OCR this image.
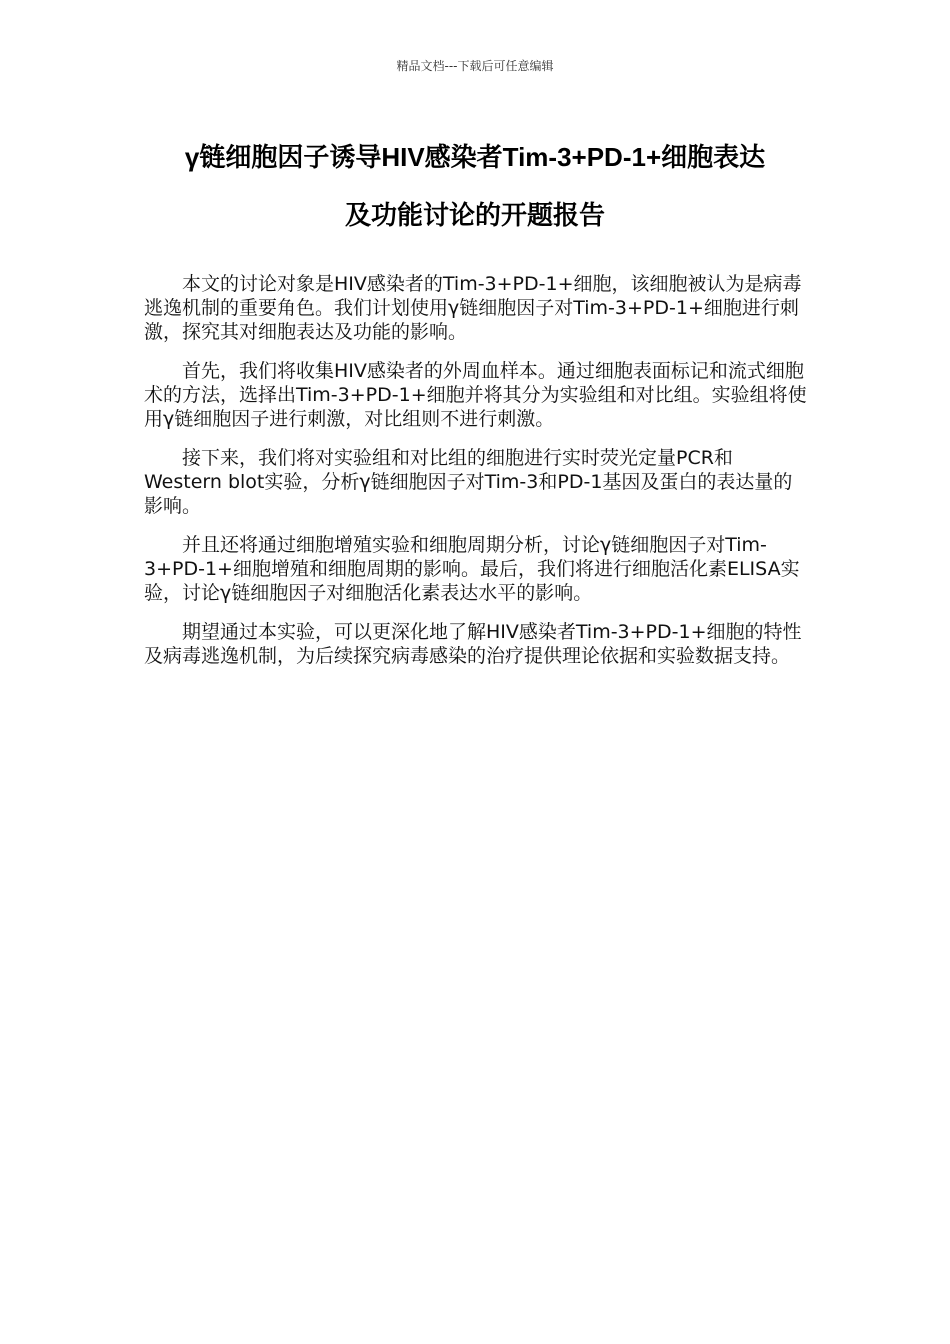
精品文档---下载后可任意编辑
γ链细胞因子诱导HIV感染者Tim-3+PD-1+细胞表达
及功能讨论的开题报告

本文的讨论对象是HIV感染者的Tim-3+PD-1+细胞，该细胞被认为是病毒逃逸机制的重要角色。我们计划使用γ链细胞因子对Tim-3+PD-1+细胞进行刺激，探究其对细胞表达及功能的影响。

首先，我们将收集HIV感染者的外周血样本。通过细胞表面标记和流式细胞术的方法，选择出Tim-3+PD-1+细胞并将其分为实验组和对比组。实验组将使用γ链细胞因子进行刺激，对比组则不进行刺激。

接下来，我们将对实验组和对比组的细胞进行实时荧光定量PCR和Western blot实验，分析γ链细胞因子对Tim-3和PD-1基因及蛋白的表达量的影响。

并且还将通过细胞增殖实验和细胞周期分析，讨论γ链细胞因子对Tim-3+PD-1+细胞增殖和细胞周期的影响。最后，我们将进行细胞活化素ELISA实验，讨论γ链细胞因子对细胞活化素表达水平的影响。

期望通过本实验，可以更深化地了解HIV感染者Tim-3+PD-1+细胞的特性及病毒逃逸机制，为后续探究病毒感染的治疗提供理论依据和实验数据支持。
